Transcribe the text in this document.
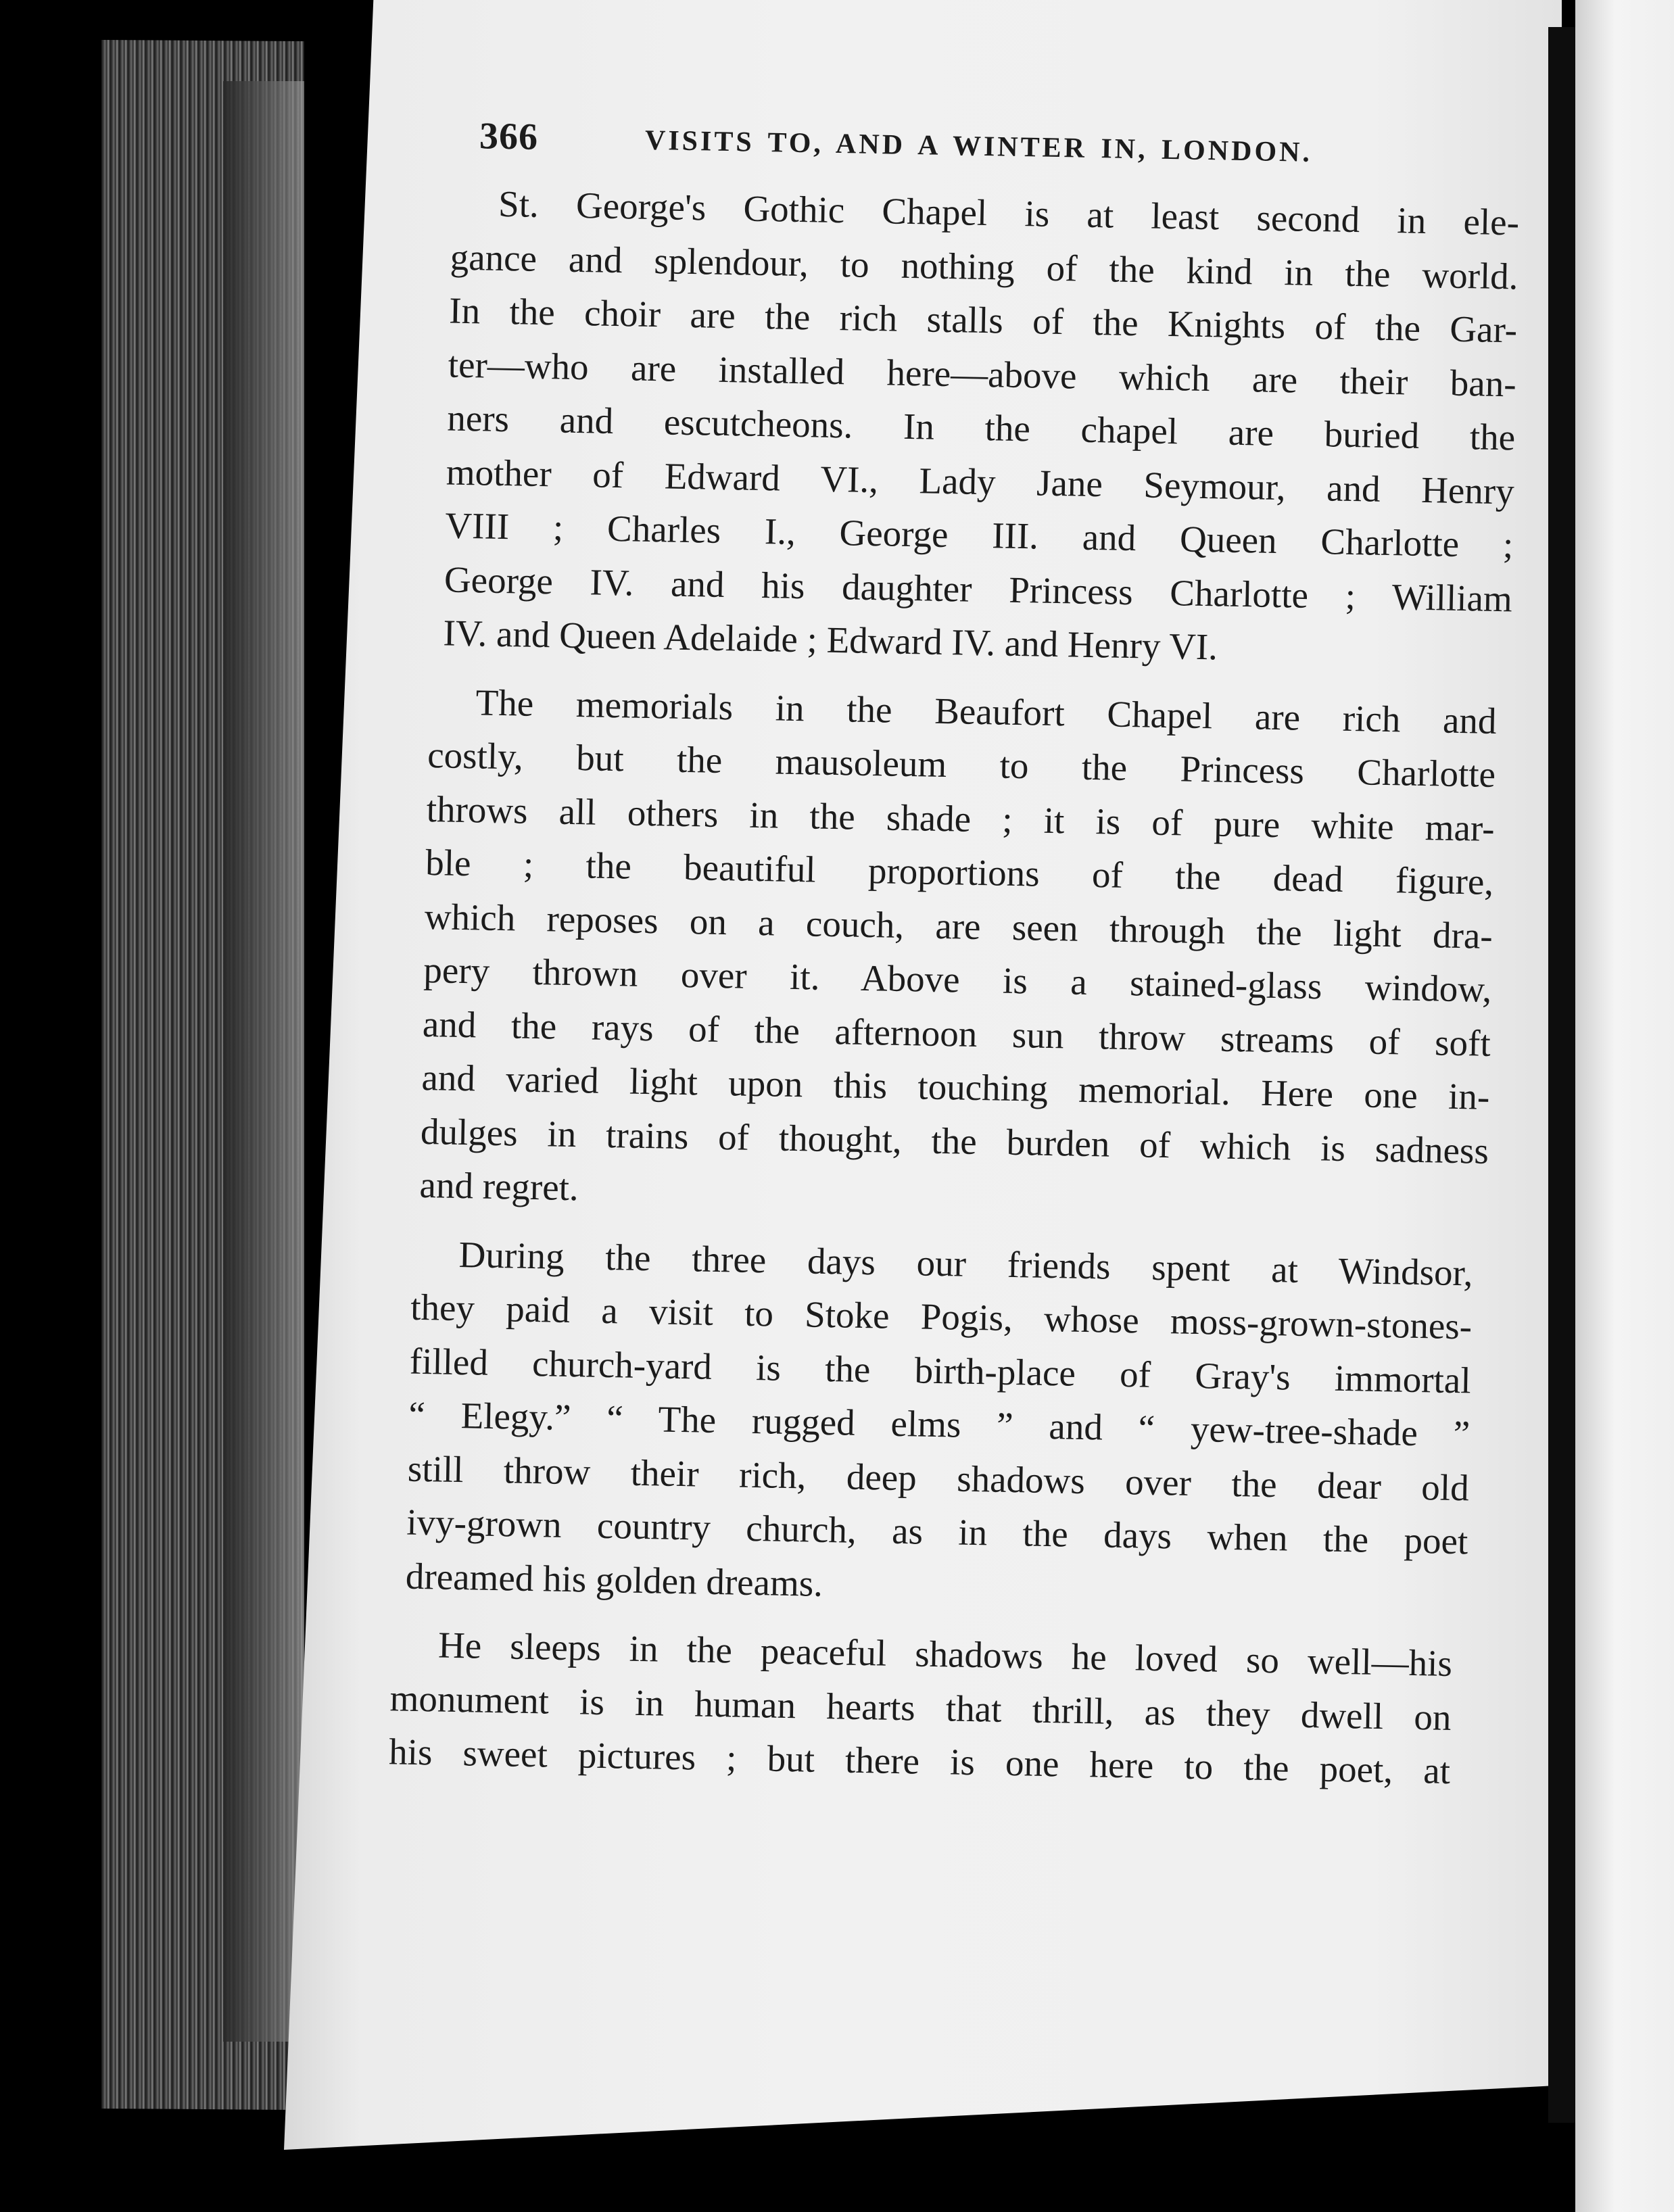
366	VISITS TO, AND A WINTER IN, LONDON.
St. George's Gothic Chapel is at least second in ele-
gance and splendour, to nothing of the kind in the world.
In the choir are the rich stalls of the Knights of the Gar-
ter—who are installed here—above which are their ban-
ners and escutcheons. In the chapel are buried the
mother of Edward VI., Lady Jane Seymour, and Henry
VIII ; Charles I., George III. and Queen Charlotte ;
George IV. and his daughter Princess Charlotte ; William
IV. and Queen Adelaide ; Edward IV. and Henry VI.
The memorials in the Beaufort Chapel are rich and
costly, but the mausoleum to the Princess Charlotte
throws all others in the shade ; it is of pure white mar-
ble ; the beautiful proportions of the dead figure,
which reposes on a couch, are seen through the light dra-
pery thrown over it. Above is a stained-glass window,
and the rays of the afternoon sun throw streams of soft
and varied light upon this touching memorial. Here one in-
dulges in trains of thought, the burden of which is sadness
and regret.
During the three days our friends spent at Windsor,
they paid a visit to Stoke Pogis, whose moss-grown-stones-
filled church-yard is the birth-place of Gray's immortal
“ Elegy.” “ The rugged elms ” and “ yew-tree-shade ”
still throw their rich, deep shadows over the dear old
ivy-grown country church, as in the days when the poet
dreamed his golden dreams.
He sleeps in the peaceful shadows he loved so well—his
monument is in human hearts that thrill, as they dwell on
his sweet pictures ; but there is one here to the poet, at
